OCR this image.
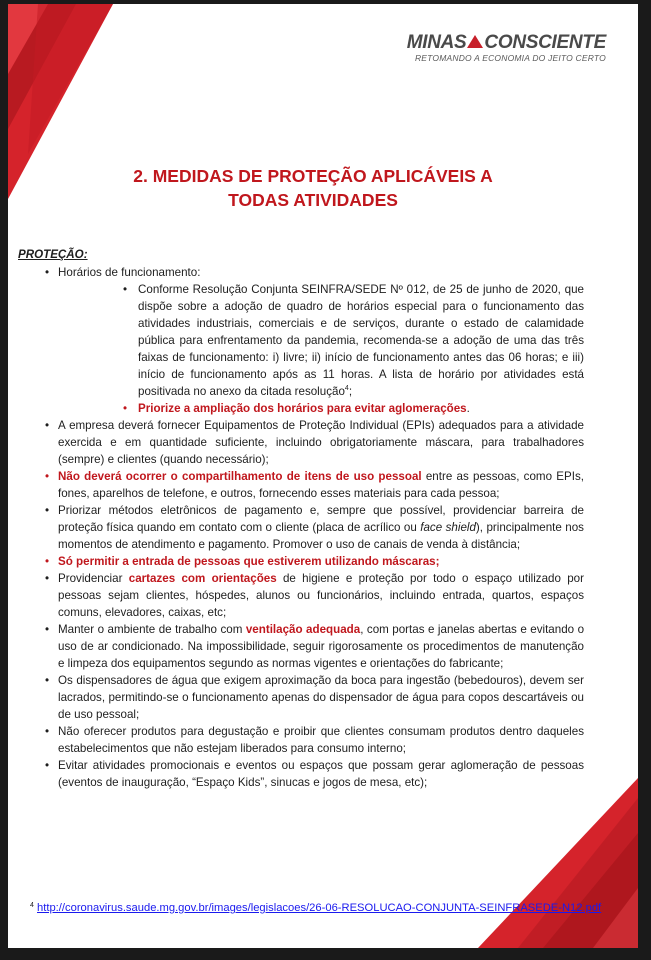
MINAS CONSCIENTE
RETOMANDO A ECONOMIA DO JEITO CERTO
2. MEDIDAS DE PROTEÇÃO APLICÁVEIS A
TODAS ATIVIDADES
PROTEÇÃO:
• Horários de funcionamento:
• Conforme Resolução Conjunta SEINFRA/SEDE Nº 012, de 25 de junho de 2020, que dispõe sobre a adoção de quadro de horários especial para o funcionamento das atividades industriais, comerciais e de serviços, durante o estado de calamidade pública para enfrentamento da pandemia, recomenda-se a adoção de uma das três faixas de funcionamento: i) livre; ii) início de funcionamento antes das 06 horas; e iii) início de funcionamento após as 11 horas. A lista de horário por atividades está positivada no anexo da citada resolução$^4$;
• Priorize a ampliação dos horários para evitar aglomerações.
• A empresa deverá fornecer Equipamentos de Proteção Individual (EPIs) adequados para a atividade exercida e em quantidade suficiente, incluindo obrigatoriamente máscara, para trabalhadores (sempre) e clientes (quando necessário);
• Não deverá ocorrer o compartilhamento de itens de uso pessoal entre as pessoas, como EPIs, fones, aparelhos de telefone, e outros, fornecendo esses materiais para cada pessoa;
• Priorizar métodos eletrônicos de pagamento e, sempre que possível, providenciar barreira de proteção física quando em contato com o cliente (placa de acrílico ou face shield), principalmente nos momentos de atendimento e pagamento. Promover o uso de canais de venda à distância;
• Só permitir a entrada de pessoas que estiverem utilizando máscaras;
• Providenciar cartazes com orientações de higiene e proteção por todo o espaço utilizado por pessoas sejam clientes, hóspedes, alunos ou funcionários, incluindo entrada, quartos, espaços comuns, elevadores, caixas, etc;
• Manter o ambiente de trabalho com ventilação adequada, com portas e janelas abertas e evitando o uso de ar condicionado. Na impossibilidade, seguir rigorosamente os procedimentos de manutenção e limpeza dos equipamentos segundo as normas vigentes e orientações do fabricante;
• Os dispensadores de água que exigem aproximação da boca para ingestão (bebedouros), devem ser lacrados, permitindo-se o funcionamento apenas do dispensador de água para copos descartáveis ou de uso pessoal;
• Não oferecer produtos para degustação e proibir que clientes consumam produtos dentro daqueles estabelecimentos que não estejam liberados para consumo interno;
• Evitar atividades promocionais e eventos ou espaços que possam gerar aglomeração de pessoas (eventos de inauguração, “Espaço Kids”, sinucas e jogos de mesa, etc);
$^4$ http://coronavirus.saude.mg.gov.br/images/legislacoes/26-06-RESOLUCAO-CONJUNTA-SEINFRASEDE-N12.pdf
